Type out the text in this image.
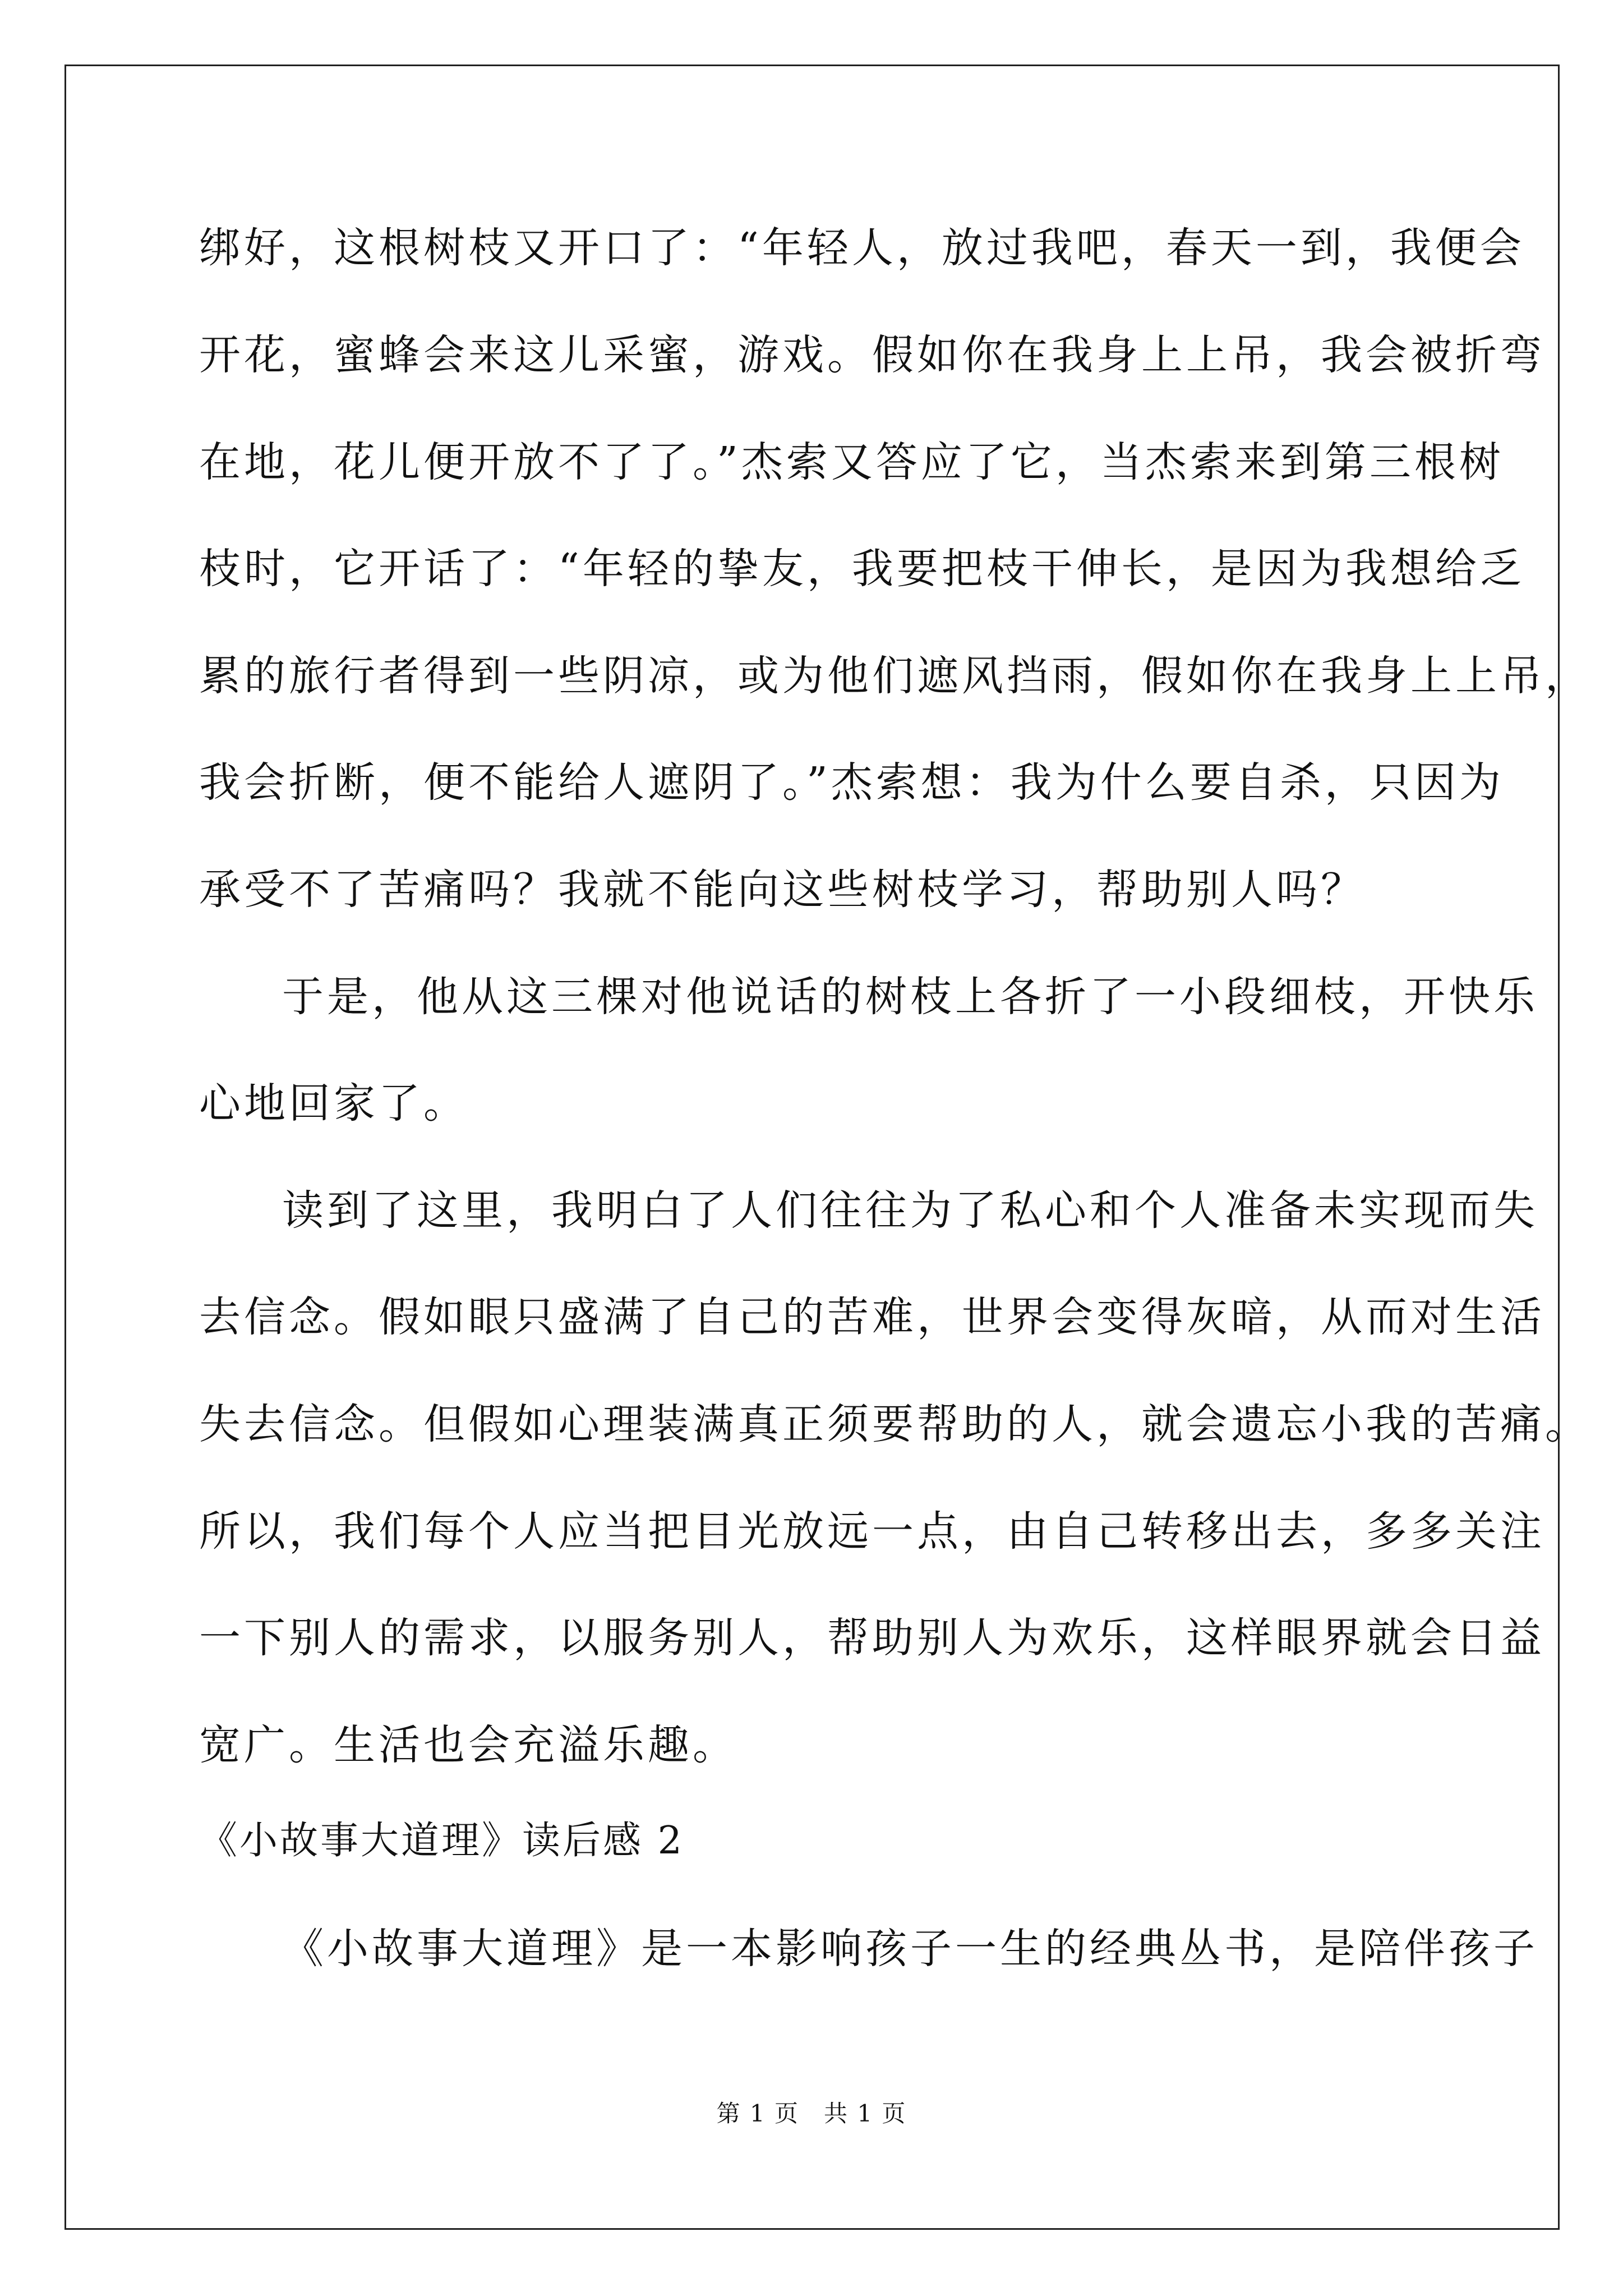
绑好，这根树枝又开口了：“年轻人，放过我吧，春天一到，我便会
开花，蜜蜂会来这儿采蜜，游戏。假如你在我身上上吊，我会被折弯
在地，花儿便开放不了了。”杰索又答应了它，当杰索来到第三根树
枝时，它开话了：“年轻的挚友，我要把枝干伸长，是因为我想给乏
累的旅行者得到一些阴凉，或为他们遮风挡雨，假如你在我身上上吊，
我会折断，便不能给人遮阴了。”杰索想：我为什么要自杀，只因为
承受不了苦痛吗？我就不能向这些树枝学习，帮助别人吗？
于是，他从这三棵对他说话的树枝上各折了一小段细枝，开快乐
心地回家了。
读到了这里，我明白了人们往往为了私心和个人准备未实现而失
去信念。假如眼只盛满了自己的苦难，世界会变得灰暗，从而对生活
失去信念。但假如心理装满真正须要帮助的人，就会遗忘小我的苦痛。
所以，我们每个人应当把目光放远一点，由自己转移出去，多多关注
一下别人的需求，以服务别人，帮助别人为欢乐，这样眼界就会日益
宽广。生活也会充溢乐趣。
《小故事大道理》是一本影响孩子一生的经典丛书，是陪伴孩子
《小故事大道理》读后感 2
第 1 页　共 1 页
